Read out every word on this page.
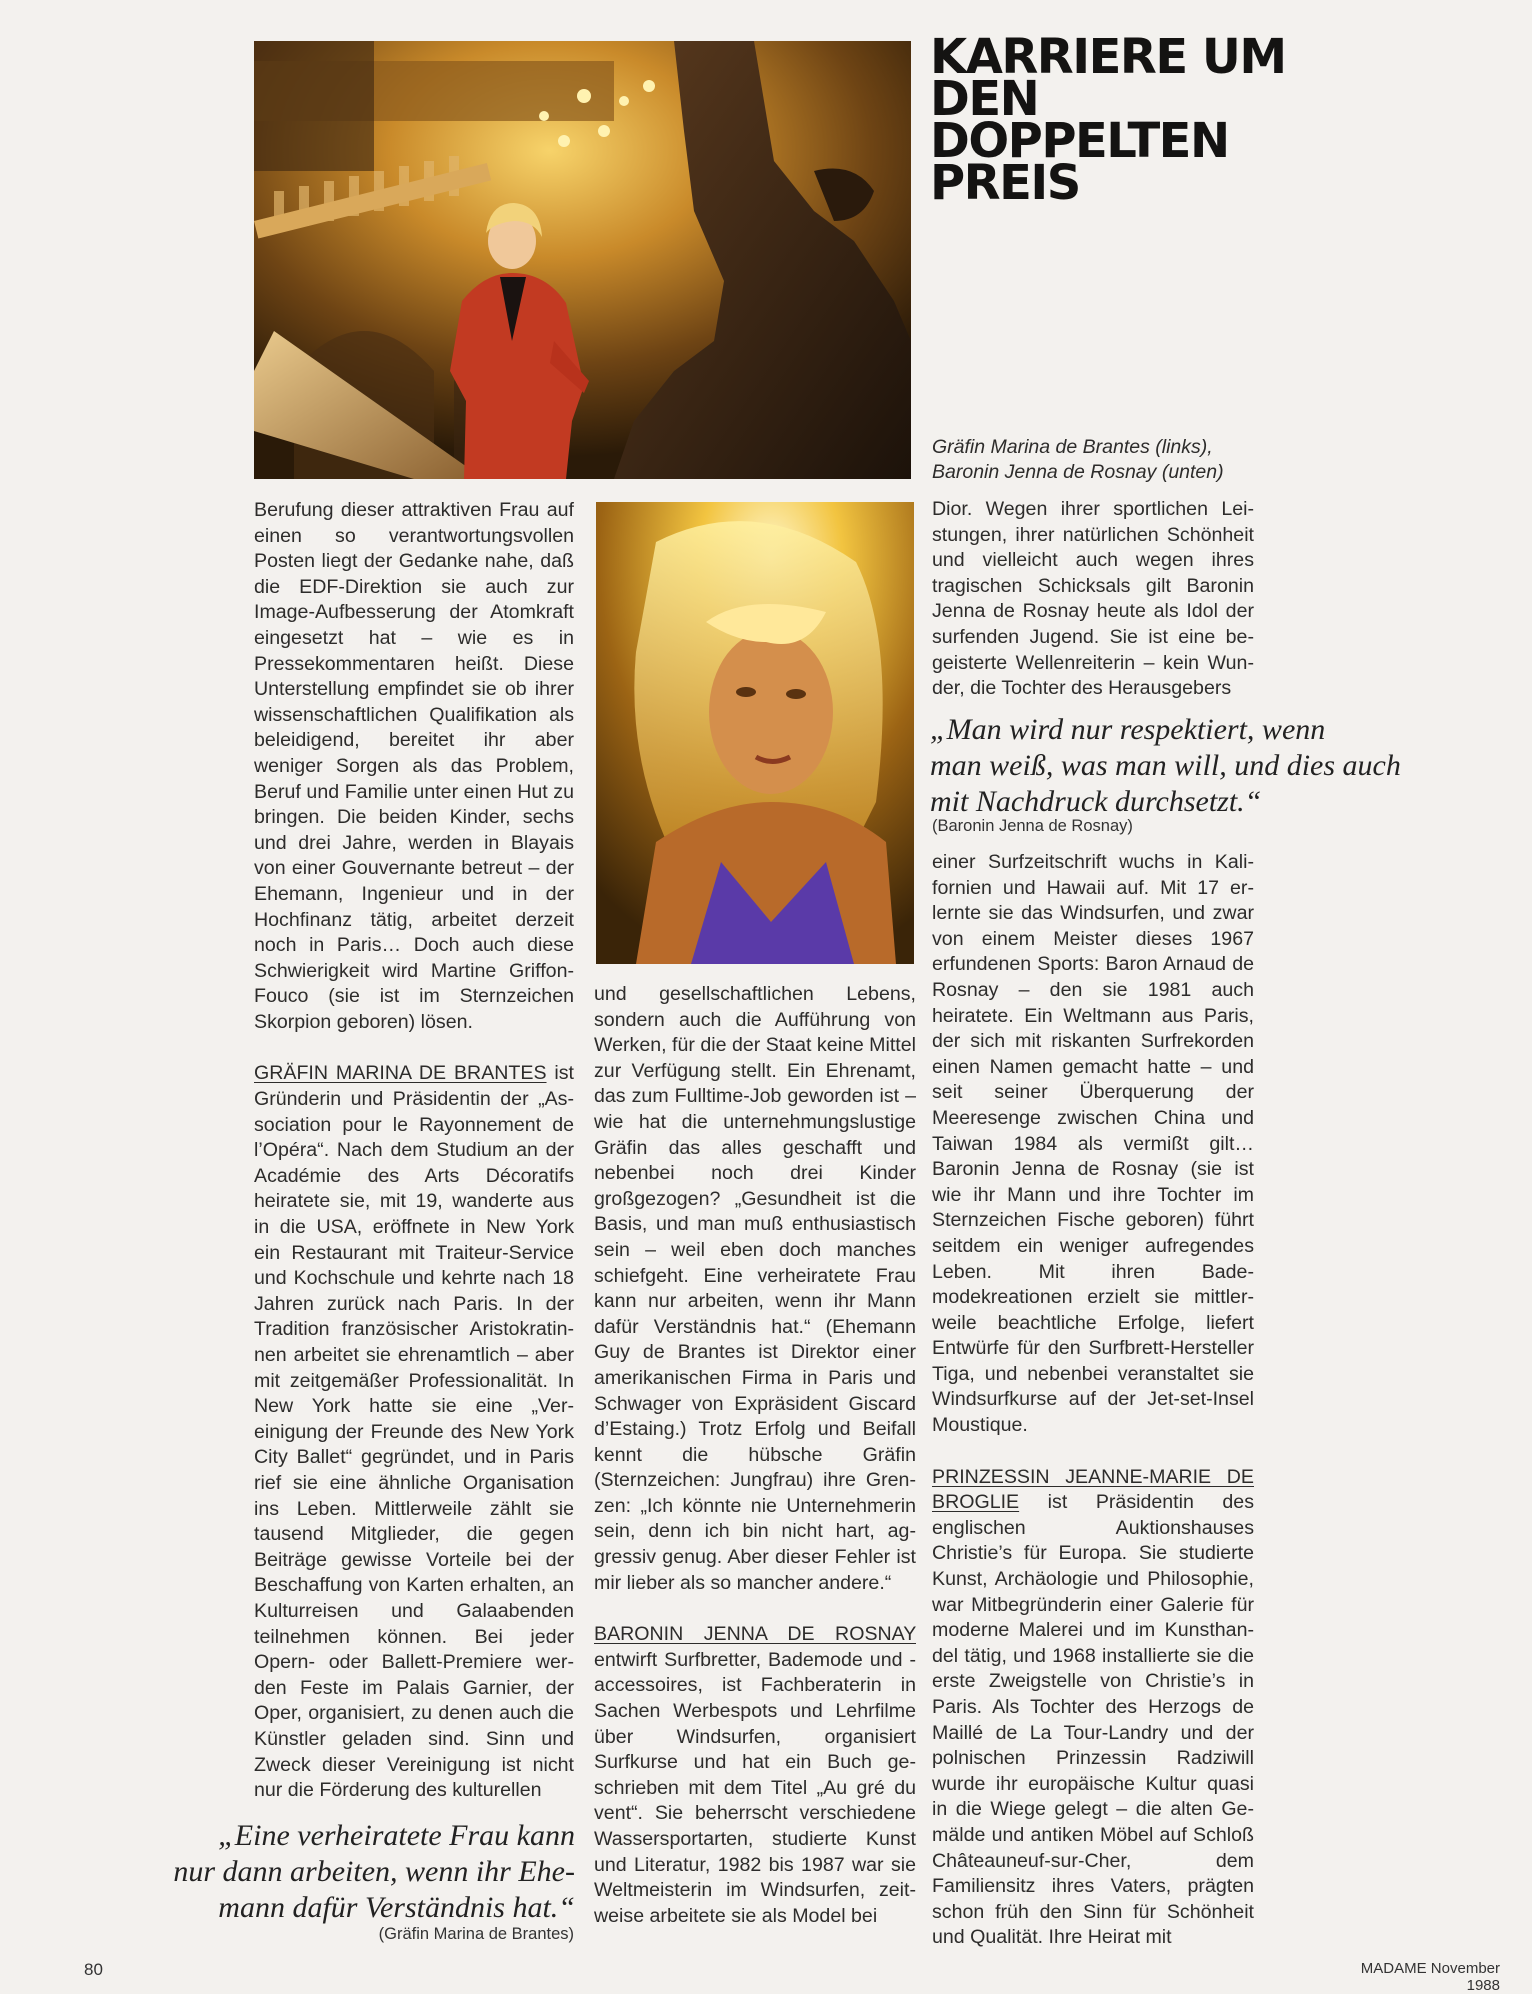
KARRIERE UM
DEN DOPPELTEN
PREIS
Gräfin Marina de Brantes (links),
Baronin Jenna de Rosnay (unten)

Berufung dieser attraktiven Frau auf einen so verantwortungsvollen Posten liegt der Gedanke nahe, daß die EDF-Direktion sie auch zur Image-Aufbesserung der Atomkraft eingesetzt hat – wie es in Pressekommentaren heißt. Diese Unterstellung empfindet sie ob ihrer wissenschaftlichen Qualifikation als beleidigend, bereitet ihr aber weniger Sorgen als das Problem, Beruf und Familie unter einen Hut zu bringen. Die beiden Kinder, sechs und drei Jahre, werden in Blayais von einer Gouvernante betreut – der Ehemann, Ingenieur und in der Hochfinanz tätig, arbeitet derzeit noch in Paris… Doch auch diese Schwierigkeit wird Martine Griffon-Fouco (sie ist im Sternzeichen Skorpion geboren) lösen.

GRÄFIN MARINA DE BRANTES ist Gründerin und Präsidentin der „Association pour le Rayonnement de l’Opéra“. Nach dem Studium an der Académie des Arts Décoratifs heiratete sie, mit 19, wanderte aus in die USA, eröffnete in New York ein Restaurant mit Traiteur-Service und Kochschule und kehrte nach 18 Jahren zurück nach Paris. In der Tradition französischer Aristokratinnen arbeitet sie ehrenamtlich – aber mit zeitgemäßer Professionalität. In New York hatte sie eine „Vereinigung der Freunde des New York City Ballet“ gegründet, und in Paris rief sie eine ähnliche Organisation ins Leben. Mittlerweile zählt sie tausend Mitglieder, die gegen Beiträge gewisse Vorteile bei der Beschaffung von Karten erhalten, an Kulturreisen und Galaabenden teilnehmen können. Bei jeder Opern- oder Ballett-Premiere werden Feste im Palais Garnier, der Oper, organisiert, zu denen auch die Künstler geladen sind. Sinn und Zweck dieser Vereinigung ist nicht nur die Förderung des kulturellen

und gesellschaftlichen Lebens, sondern auch die Aufführung von Werken, für die der Staat keine Mittel zur Verfügung stellt. Ein Ehrenamt, das zum Fulltime-Job geworden ist – wie hat die unternehmungslustige Gräfin das alles geschafft und nebenbei noch drei Kinder großgezogen? „Gesundheit ist die Basis, und man muß enthusiastisch sein – weil eben doch manches schiefgeht. Eine verheiratete Frau kann nur arbeiten, wenn ihr Mann dafür Verständnis hat.“ (Ehemann Guy de Brantes ist Direktor einer amerikanischen Firma in Paris und Schwager von Expräsident Giscard d’Estaing.) Trotz Erfolg und Beifall kennt die hübsche Gräfin (Sternzeichen: Jungfrau) ihre Grenzen: „Ich könnte nie Unternehmerin sein, denn ich bin nicht hart, aggressiv genug. Aber dieser Fehler ist mir lieber als so mancher andere.“

BARONIN JENNA DE ROSNAY entwirft Surfbretter, Bademode und -accessoires, ist Fachberaterin in Sachen Werbespots und Lehrfilme über Windsurfen, organisiert Surfkurse und hat ein Buch geschrieben mit dem Titel „Au gré du vent“. Sie beherrscht verschiedene Wassersportarten, studierte Kunst und Literatur, 1982 bis 1987 war sie Weltmeisterin im Windsurfen, zeitweise arbeitete sie als Model bei

Dior. Wegen ihrer sportlichen Leistungen, ihrer natürlichen Schönheit und vielleicht auch wegen ihres tragischen Schicksals gilt Baronin Jenna de Rosnay heute als Idol der surfenden Jugend. Sie ist eine begeisterte Wellenreiterin – kein Wunder, die Tochter des Herausgebers

„Man wird nur respektiert, wenn
man weiß, was man will, und dies auch
mit Nachdruck durchsetzt.“
(Baronin Jenna de Rosnay)

einer Surfzeitschrift wuchs in Kalifornien und Hawaii auf. Mit 17 erlernte sie das Windsurfen, und zwar von einem Meister dieses 1967 erfundenen Sports: Baron Arnaud de Rosnay – den sie 1981 auch heiratete. Ein Weltmann aus Paris, der sich mit riskanten Surfrekorden einen Namen gemacht hatte – und seit seiner Überquerung der Meeresenge zwischen China und Taiwan 1984 als vermißt gilt… Baronin Jenna de Rosnay (sie ist wie ihr Mann und ihre Tochter im Sternzeichen Fische geboren) führt seitdem ein weniger aufregendes Leben. Mit ihren Bademodekreationen erzielt sie mittlerweile beachtliche Erfolge, liefert Entwürfe für den Surfbrett-Hersteller Tiga, und nebenbei veranstaltet sie Windsurfkurse auf der Jet-set-Insel Moustique.

PRINZESSIN JEANNE-MARIE DE BROGLIE ist Präsidentin des englischen Auktionshauses Christie’s für Europa. Sie studierte Kunst, Archäologie und Philosophie, war Mitbegründerin einer Galerie für moderne Malerei und im Kunsthandel tätig, und 1968 installierte sie die erste Zweigstelle von Christie’s in Paris. Als Tochter des Herzogs de Maillé de La Tour-Landry und der polnischen Prinzessin Radziwill wurde ihr europäische Kultur quasi in die Wiege gelegt – die alten Gemälde und antiken Möbel auf Schloß Châteauneuf-sur-Cher, dem Familiensitz ihres Vaters, prägten schon früh den Sinn für Schönheit und Qualität. Ihre Heirat mit

„Eine verheiratete Frau kann
nur dann arbeiten, wenn ihr Ehe-
mann dafür Verständnis hat.“
(Gräfin Marina de Brantes)
80	MADAME November 1988
